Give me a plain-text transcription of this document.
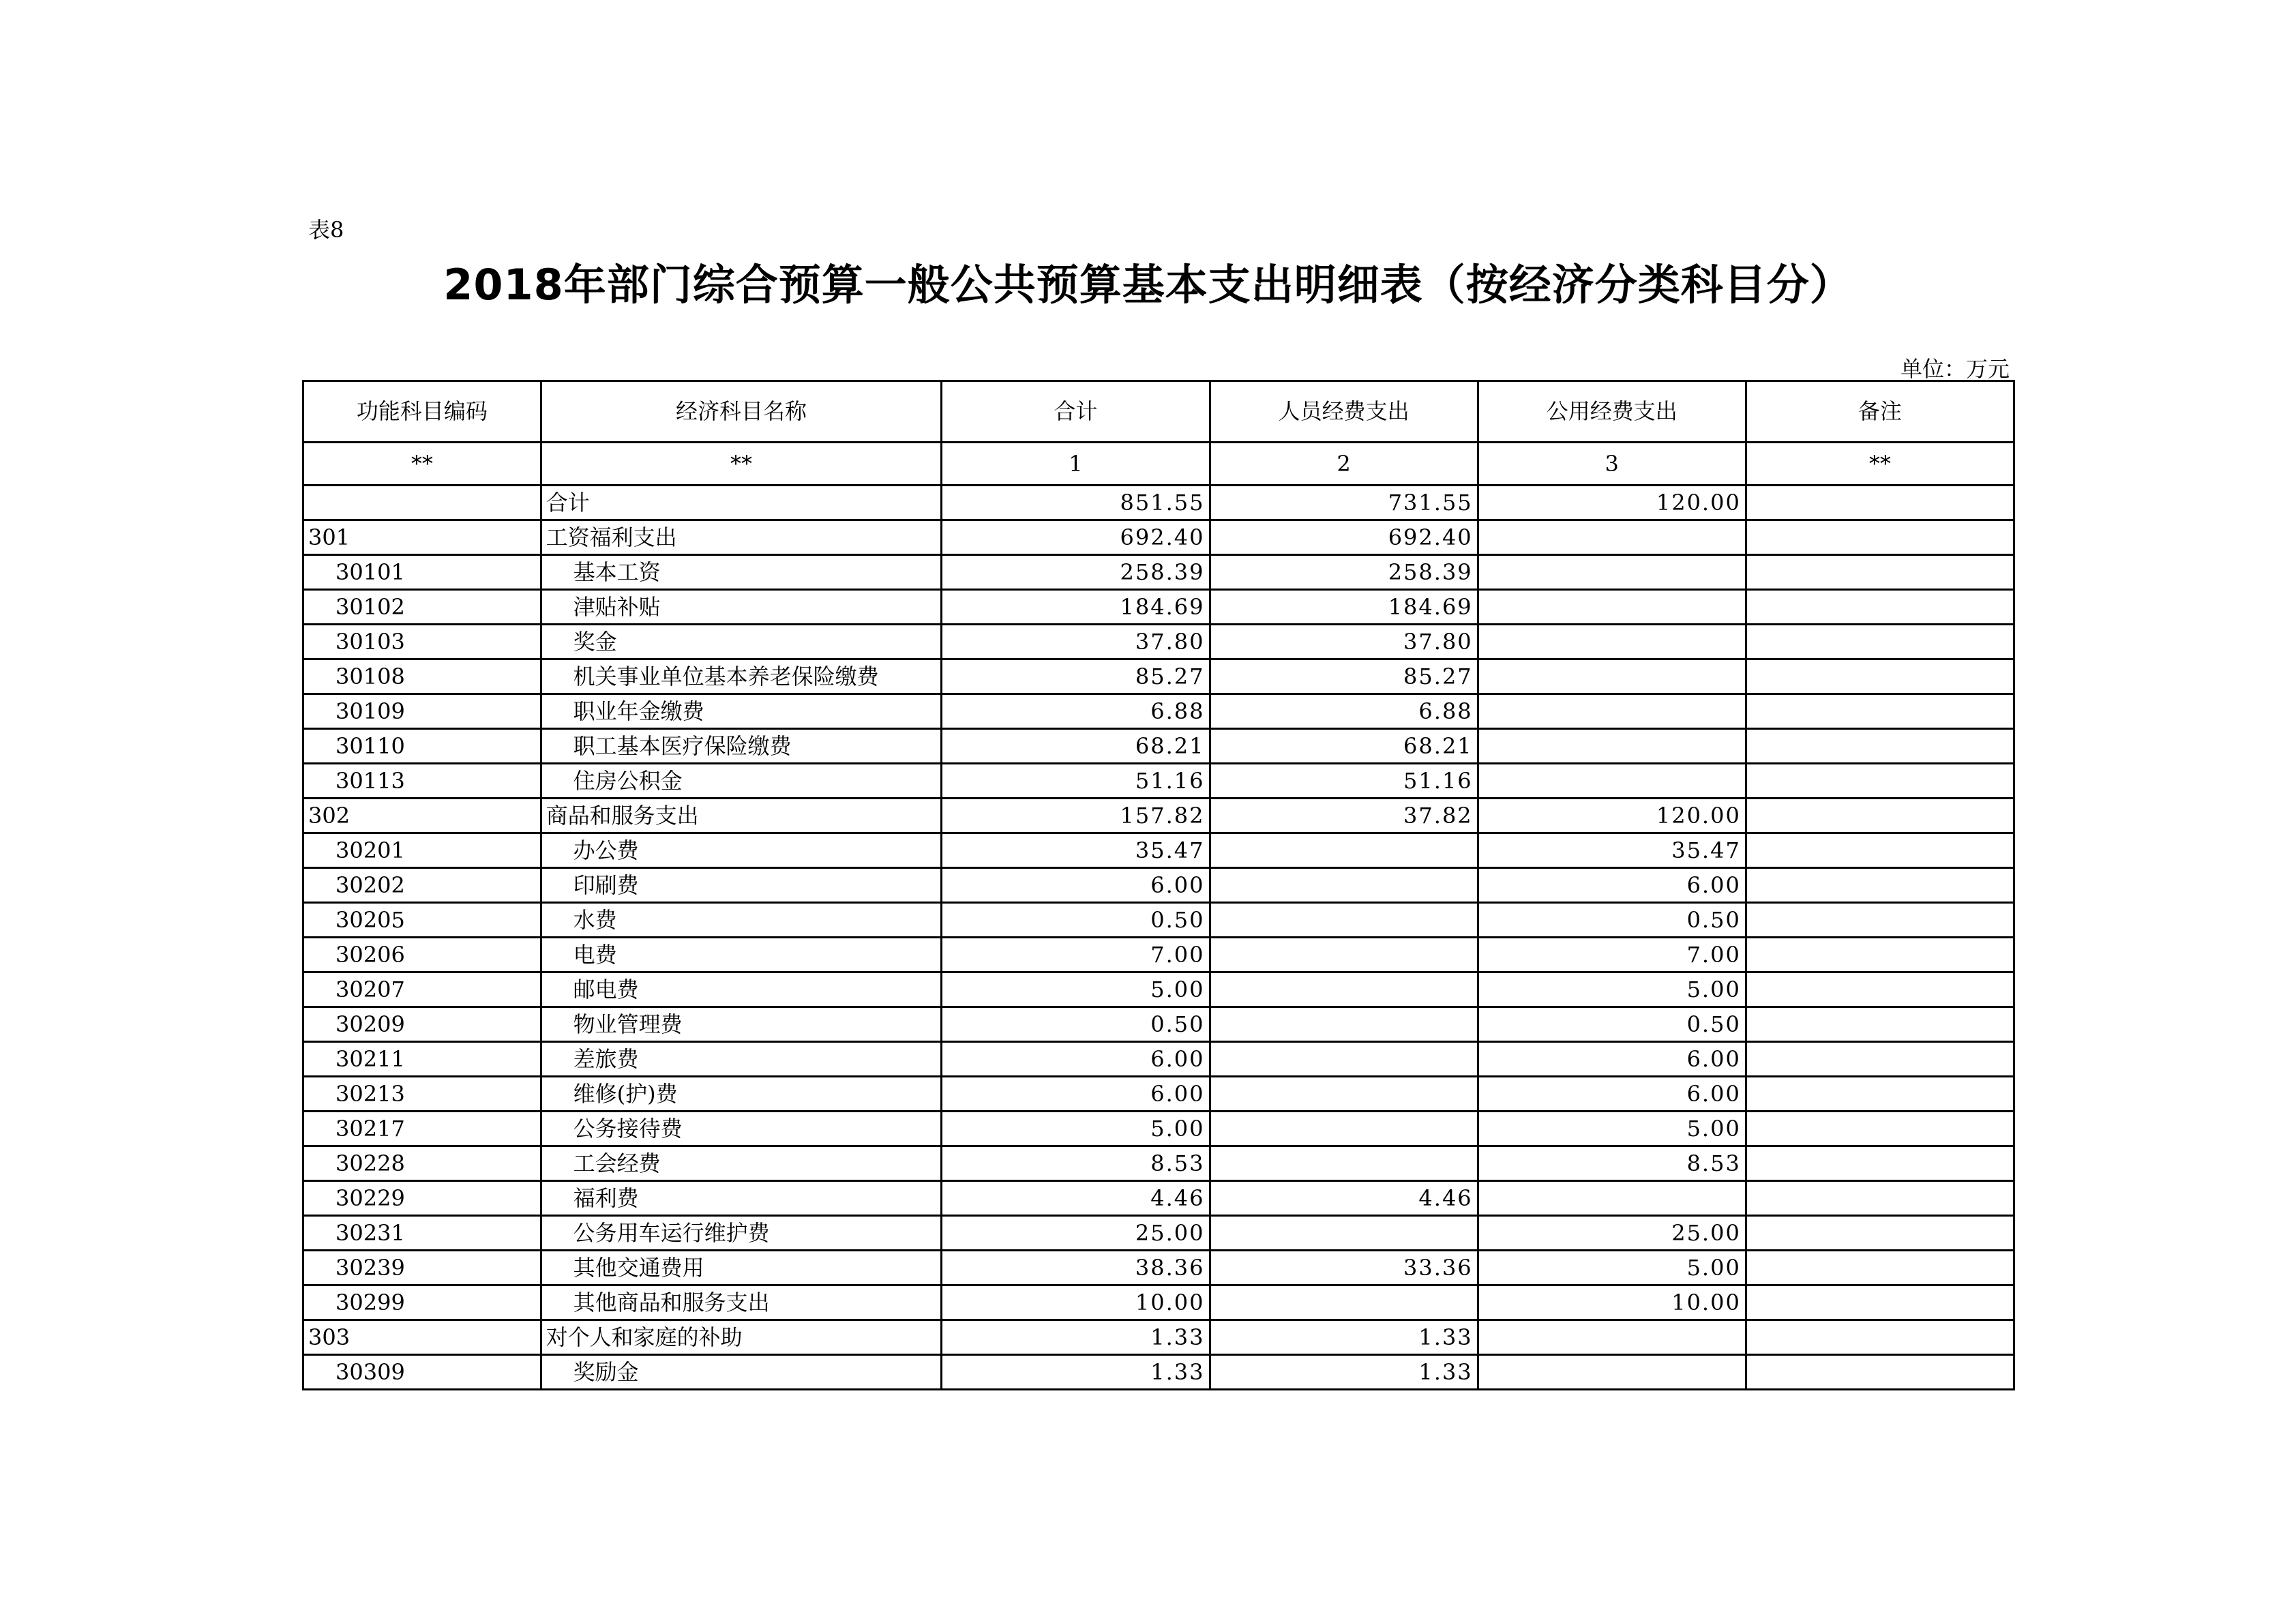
表8
2018年部门综合预算一般公共预算基本支出明细表（按经济分类科目分）
单位：万元
功能科目编码	经济科目名称	合计	人员经费支出	公用经费支出	备注
**	**	1	2	3	**
	合计	851.55	731.55	120.00	
301	工资福利支出	692.40	692.40		
30101	基本工资	258.39	258.39		
30102	津贴补贴	184.69	184.69		
30103	奖金	37.80	37.80		
30108	机关事业单位基本养老保险缴费	85.27	85.27		
30109	职业年金缴费	6.88	6.88		
30110	职工基本医疗保险缴费	68.21	68.21		
30113	住房公积金	51.16	51.16		
302	商品和服务支出	157.82	37.82	120.00	
30201	办公费	35.47		35.47	
30202	印刷费	6.00		6.00	
30205	水费	0.50		0.50	
30206	电费	7.00		7.00	
30207	邮电费	5.00		5.00	
30209	物业管理费	0.50		0.50	
30211	差旅费	6.00		6.00	
30213	维修(护)费	6.00		6.00	
30217	公务接待费	5.00		5.00	
30228	工会经费	8.53		8.53	
30229	福利费	4.46	4.46		
30231	公务用车运行维护费	25.00		25.00	
30239	其他交通费用	38.36	33.36	5.00	
30299	其他商品和服务支出	10.00		10.00	
303	对个人和家庭的补助	1.33	1.33		
30309	奖励金	1.33	1.33		
